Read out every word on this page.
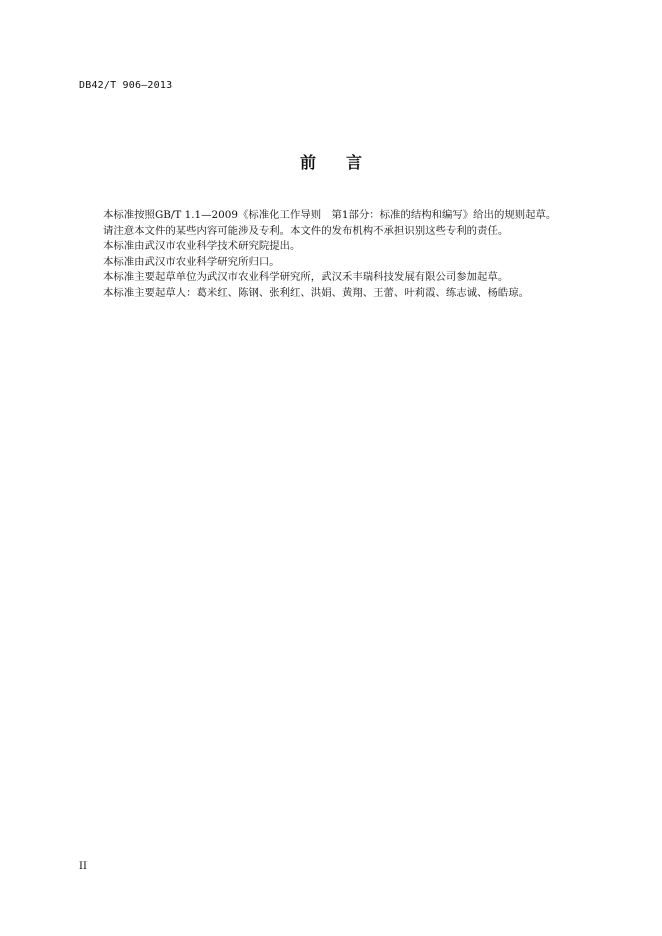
DB42/T 906—2013
前 言

本标准按照GB/T 1.1—2009《标准化工作导则　第1部分：标准的结构和编写》给出的规则起草。

请注意本文件的某些内容可能涉及专利。本文件的发布机构不承担识别这些专利的责任。

本标准由武汉市农业科学技术研究院提出。

本标准由武汉市农业科学研究所归口。

本标准主要起草单位为武汉市农业科学研究所，武汉禾丰瑞科技发展有限公司参加起草。

本标准主要起草人：葛米红、陈钢、张利红、洪娟、黄翔、王蕾、叶莉霞、练志诚、杨皓琼。

II
